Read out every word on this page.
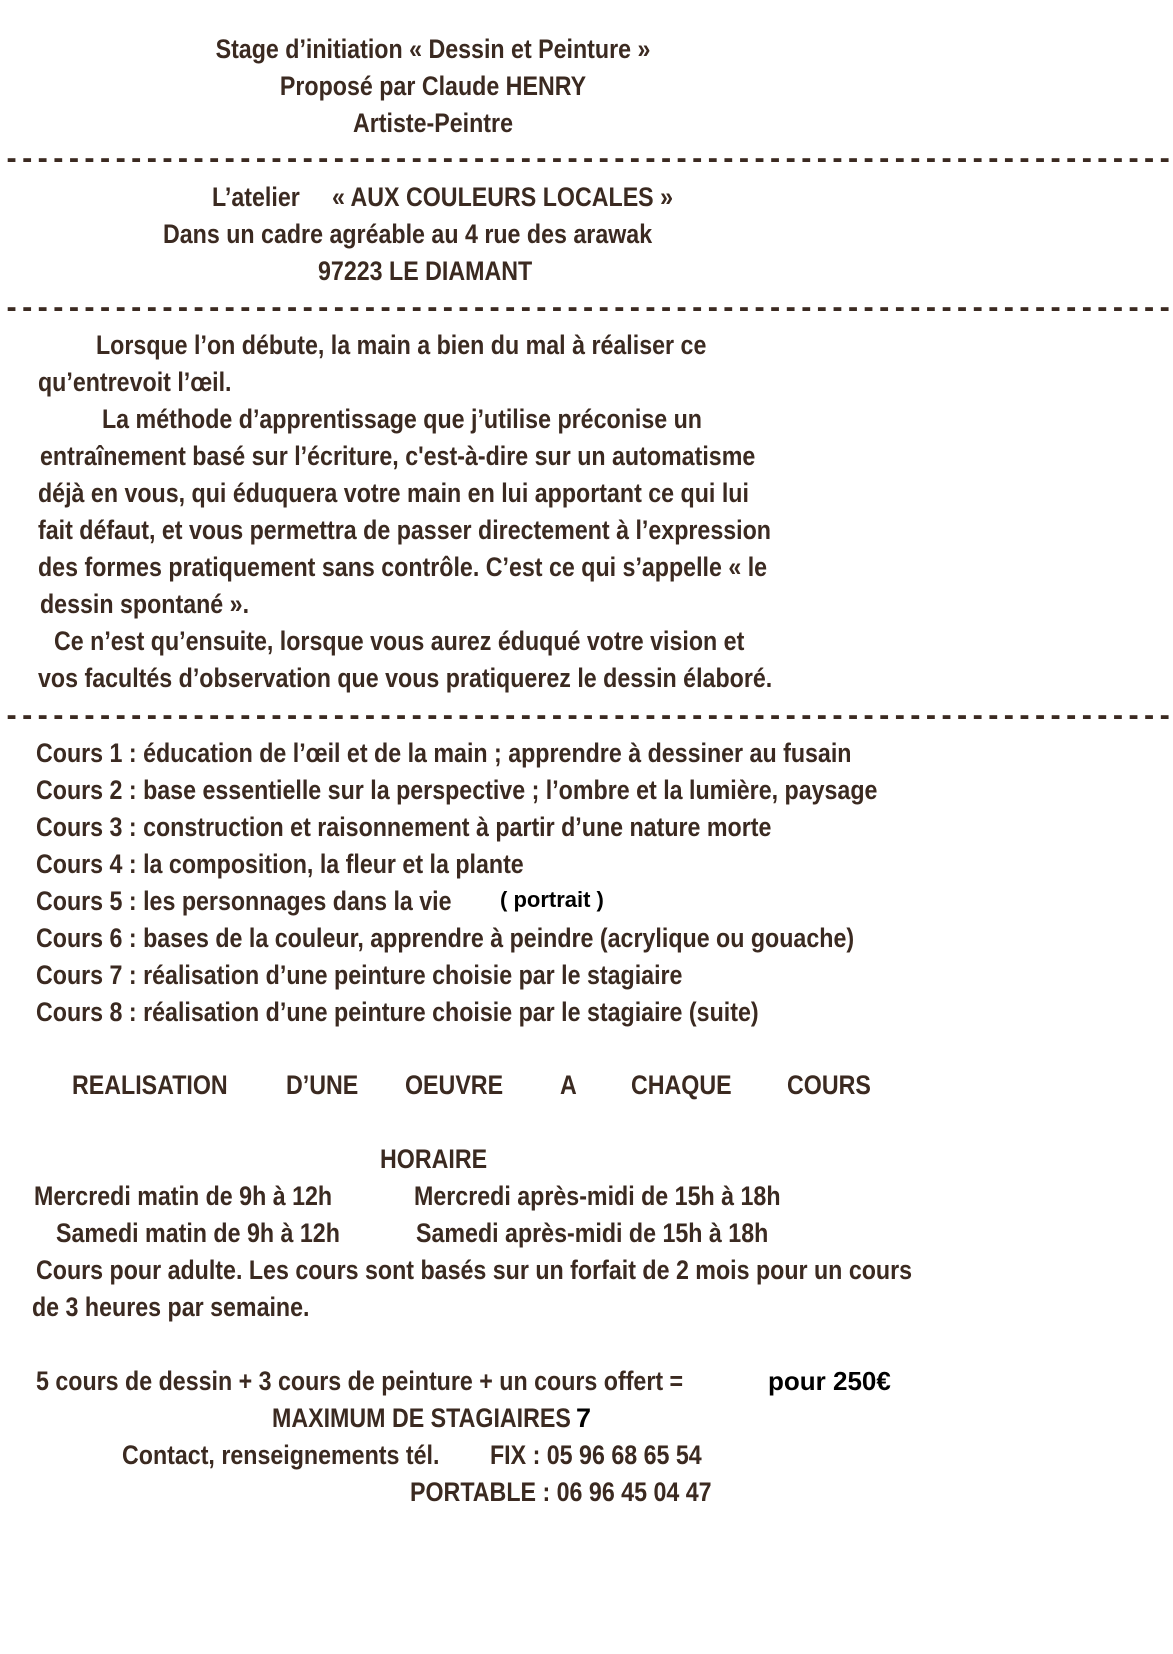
Stage d’initiation « Dessin et Peinture »
Proposé par Claude HENRY
Artiste-Peintre
---------------------------------------------------------------------------
L’atelier « AUX COULEURS LOCALES »
Dans un cadre agréable au 4 rue des arawak
97223 LE DIAMANT
---------------------------------------------------------------------------
Lorsque l’on débute, la main a bien du mal à réaliser ce
qu’entrevoit l’œil.
La méthode d’apprentissage que j’utilise préconise un
entraînement basé sur l’écriture, c'est-à-dire sur un automatisme
déjà en vous, qui éduquera votre main en lui apportant ce qui lui
fait défaut, et vous permettra de passer directement à l’expression
des formes pratiquement sans contrôle. C’est ce qui s’appelle « le
dessin spontané ».
Ce n’est qu’ensuite, lorsque vous aurez éduqué votre vision et
vos facultés d’observation que vous pratiquerez le dessin élaboré.
---------------------------------------------------------------------------
Cours 1 : éducation de l’œil et de la main ; apprendre à dessiner au fusain
Cours 2 : base essentielle sur la perspective ; l’ombre et la lumière, paysage
Cours 3 : construction et raisonnement à partir d’une nature morte
Cours 4 : la composition, la fleur et la plante
Cours 5 : les personnages dans la vie ( portrait )
Cours 6 : bases de la couleur, apprendre à peindre (acrylique ou gouache)
Cours 7 : réalisation d’une peinture choisie par le stagiaire
Cours 8 : réalisation d’une peinture choisie par le stagiaire (suite)
REALISATION D’UNE OEUVRE A CHAQUE COURS
HORAIRE
Mercredi matin de 9h à 12h	Mercredi après-midi de 15h à 18h
Samedi matin de 9h à 12h	Samedi après-midi de 15h à 18h
Cours pour adulte. Les cours sont basés sur un forfait de 2 mois pour un cours
de 3 heures par semaine.
5 cours de dessin + 3 cours de peinture + un cours offert =	pour 250€
MAXIMUM DE STAGIAIRES 7
Contact, renseignements tél. FIX : 05 96 68 65 54
PORTABLE : 06 96 45 04 47
